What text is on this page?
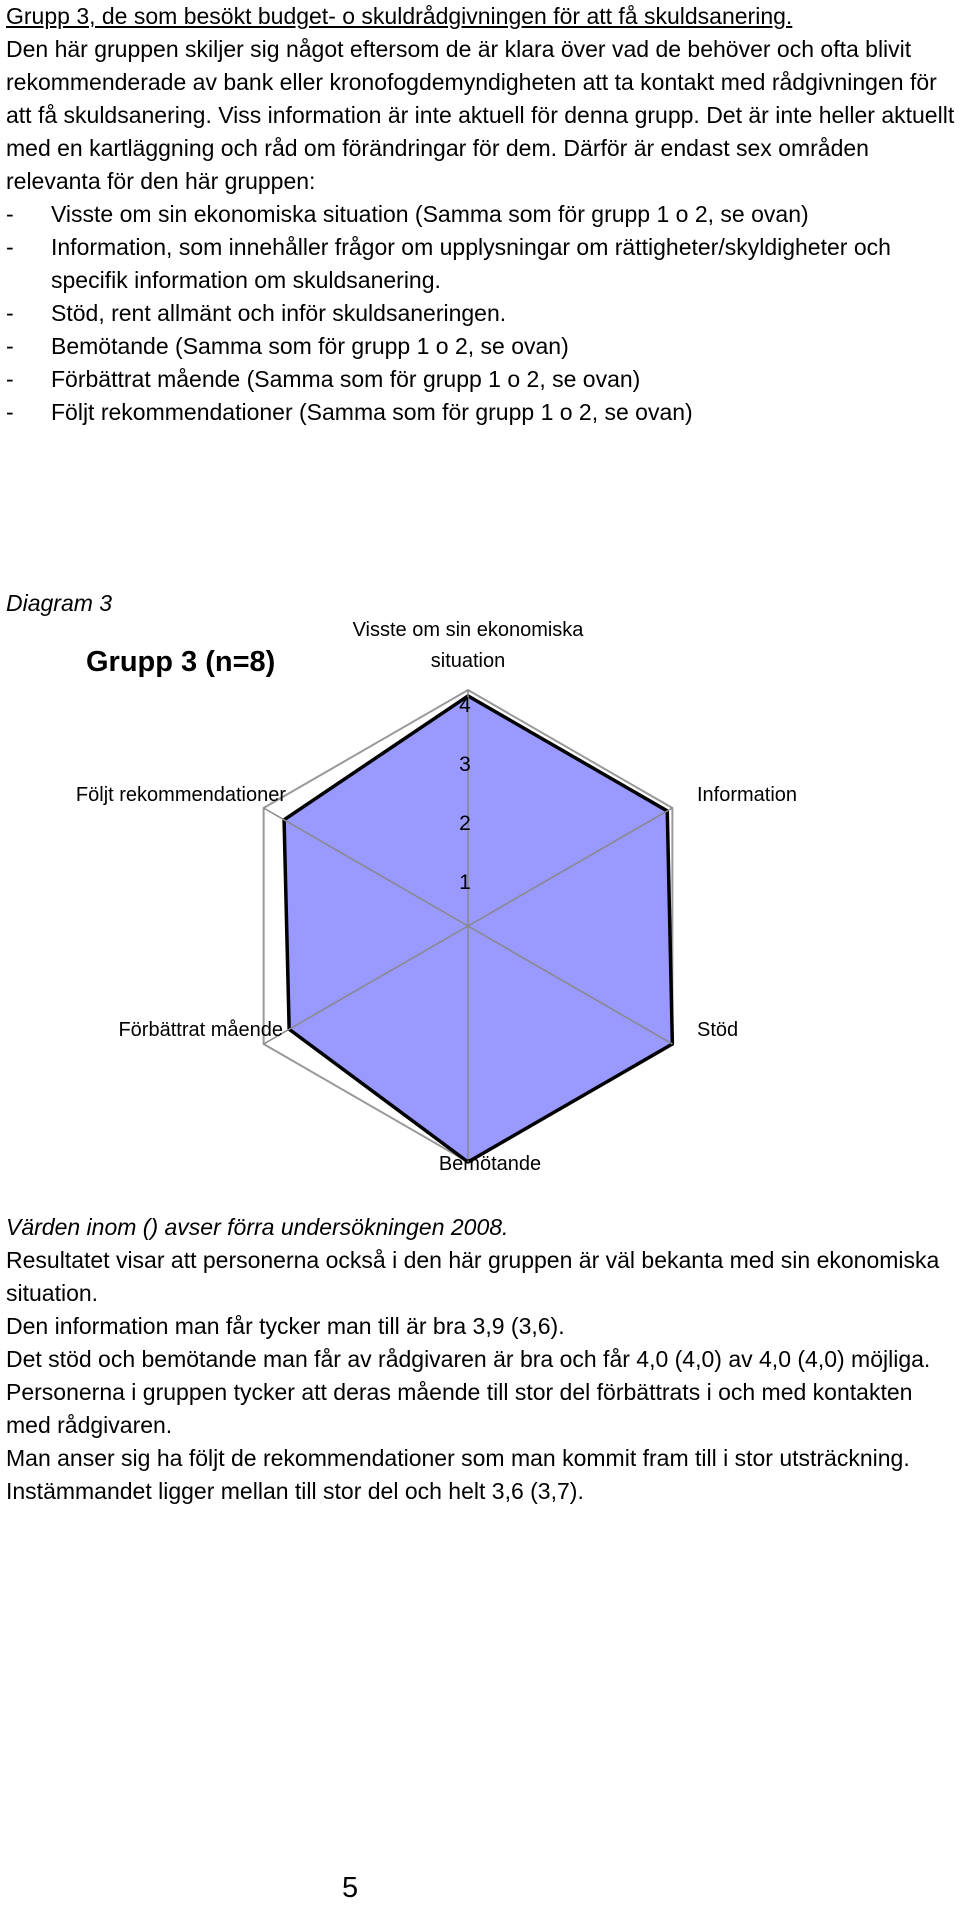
Grupp 3, de som besökt budget- o skuldrådgivningen för att få skuldsanering.
Den här gruppen skiljer sig något eftersom de är klara över vad de behöver och ofta blivit rekommenderade av bank eller kronofogdemyndigheten att ta kontakt med rådgivningen för att få skuldsanering. Viss information är inte aktuell för denna grupp. Det är inte heller aktuellt med en kartläggning och råd om förändringar för dem. Därför är endast sex områden relevanta för den här gruppen:
- Visste om sin ekonomiska situation (Samma som för grupp 1 o 2, se ovan)
- Information, som innehåller frågor om upplysningar om rättigheter/skyldigheter och specifik information om skuldsanering.
- Stöd, rent allmänt och inför skuldsaneringen.
- Bemötande (Samma som för grupp 1 o 2, se ovan)
- Förbättrat mående (Samma som för grupp 1 o 2, se ovan)
- Följt rekommendationer (Samma som för grupp 1 o 2, se ovan)
Diagram 3
Grupp 3 (n=8)
1
2
3
4
Visste om sin ekonomiska situation
Information
Stöd
Bemötande
Förbättrat mående
Följt rekommendationer
Värden inom () avser förra undersökningen 2008.
Resultatet visar att personerna också i den här gruppen är väl bekanta med sin ekonomiska situation.
Den information man får tycker man till är bra 3,9 (3,6).
Det stöd och bemötande man får av rådgivaren är bra och får 4,0 (4,0) av 4,0 (4,0) möjliga.
Personerna i gruppen tycker att deras mående till stor del förbättrats i och med kontakten med rådgivaren.
Man anser sig ha följt de rekommendationer som man kommit fram till i stor utsträckning. Instämmandet ligger mellan till stor del och helt 3,6 (3,7).
5
